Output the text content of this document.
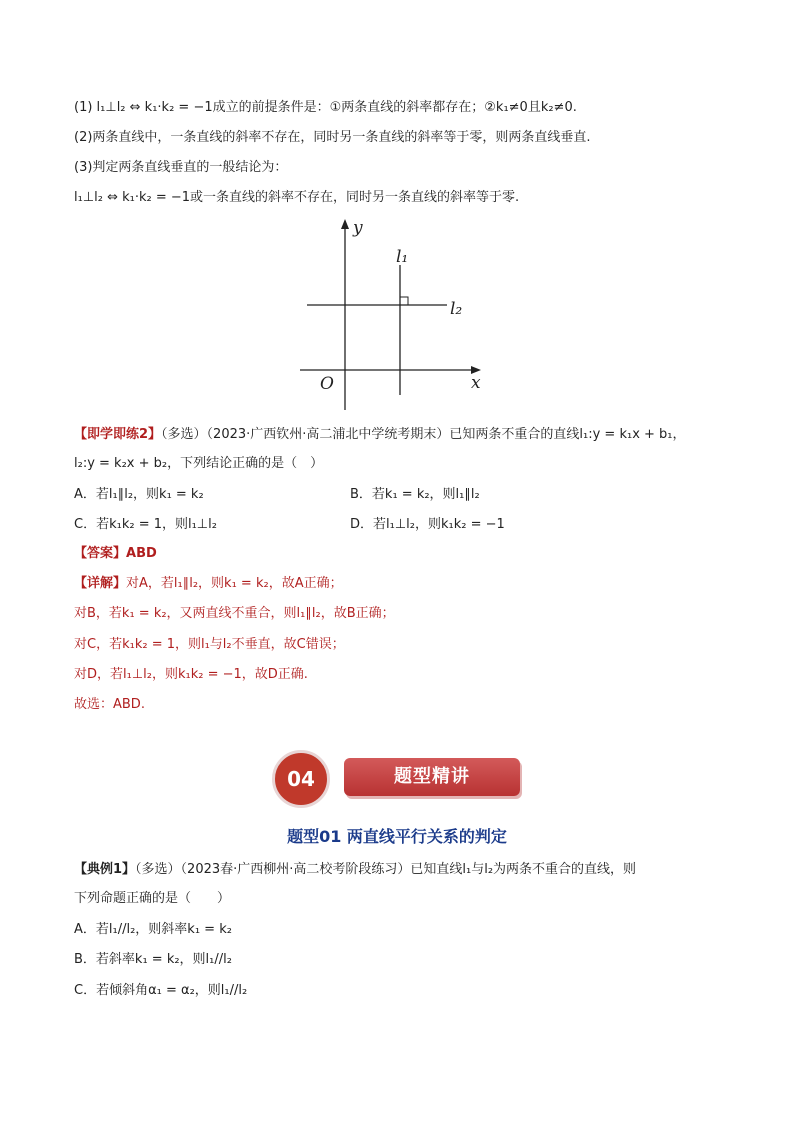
(1) l₁⊥l₂ ⇔ k₁·k₂ = −1成立的前提条件是：①两条直线的斜率都存在；②k₁≠0且k₂≠0.
(2)两条直线中，一条直线的斜率不存在，同时另一条直线的斜率等于零，则两条直线垂直.
(3)判定两条直线垂直的一般结论为：
l₁⊥l₂ ⇔ k₁·k₂ = −1或一条直线的斜率不存在，同时另一条直线的斜率等于零.
y
x
O
l₁
l₂
【即学即练2】（多选）（2023·广西钦州·高二浦北中学统考期末）已知两条不重合的直线l₁:y = k₁x + b₁，
l₂:y = k₂x + b₂，下列结论正确的是（　）
A．若l₁∥l₂，则k₁ = k₂	B．若k₁ = k₂，则l₁∥l₂
C．若k₁k₂ = 1，则l₁⊥l₂	D．若l₁⊥l₂，则k₁k₂ = −1
【答案】ABD
【详解】对A，若l₁∥l₂，则k₁ = k₂，故A正确；
对B，若k₁ = k₂，又两直线不重合，则l₁∥l₂，故B正确；
对C，若k₁k₂ = 1，则l₁与l₂不垂直，故C错误；
对D，若l₁⊥l₂，则k₁k₂ = −1，故D正确.
故选：ABD.
04	题型精讲
题型01 两直线平行关系的判定
【典例1】（多选）（2023春·广西柳州·高二校考阶段练习）已知直线l₁与l₂为两条不重合的直线，则
下列命题正确的是（　　）
A．若l₁//l₂，则斜率k₁ = k₂
B．若斜率k₁ = k₂，则l₁//l₂
C．若倾斜角α₁ = α₂，则l₁//l₂
